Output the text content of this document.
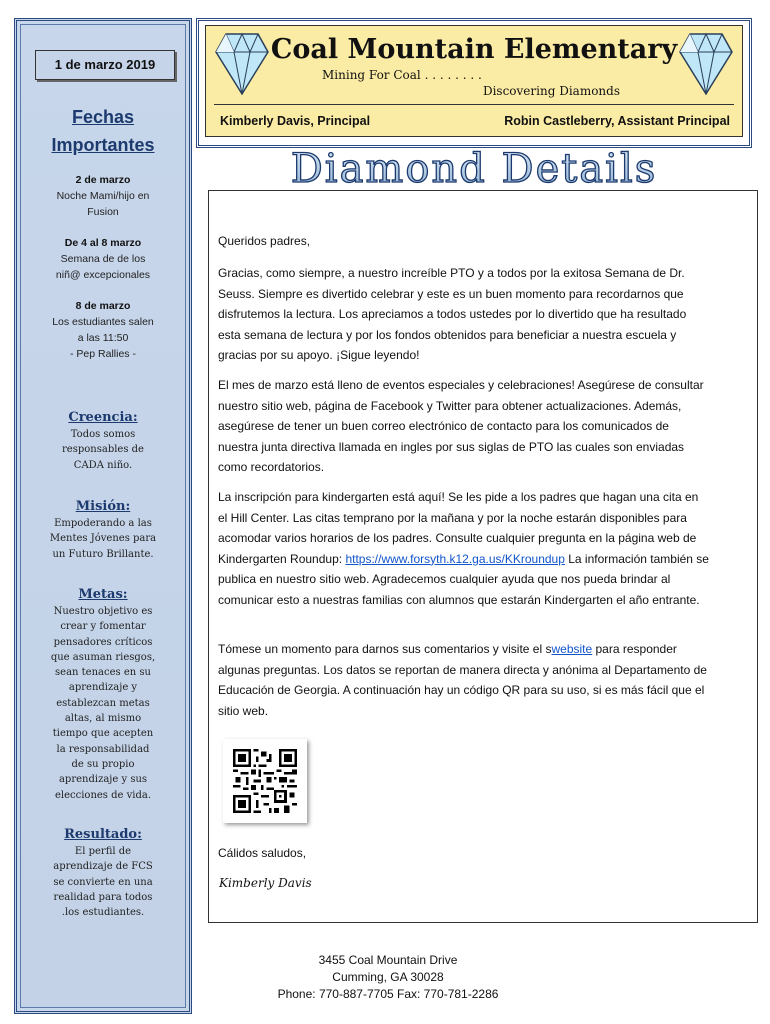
1 de marzo 2019
Fechas
Importantes
2 de marzo
Noche Mami/hijo en
Fusion
De 4 al 8 marzo
Semana de de los
niñ@ excepcionales
8 de marzo
Los estudiantes salen
a las 11:50
- Pep Rallies -
Creencia:
Todos somos
responsables de
CADA niño.
Misión:
Empoderando a las
Mentes Jóvenes para
un Futuro Brillante.
Metas:
Nuestro objetivo es
crear y fomentar
pensadores críticos
que asuman riesgos,
sean tenaces en su
aprendizaje y
establezcan metas
altas, al mismo
tiempo que acepten
la responsabilidad
de su propio
aprendizaje y sus
elecciones de vida.
Resultado:
El perfil de
aprendizaje de FCS
se convierte en una
realidad para todos
.los estudiantes.
Coal Mountain Elementary
Mining For Coal . . . . . . . .
Discovering Diamonds
Kimberly Davis, Principal	Robin Castleberry, Assistant Principal
Diamond Details
Queridos padres,
Gracias, como siempre, a nuestro increíble PTO y a todos por la exitosa Semana de Dr. Seuss. Siempre es divertido celebrar y este es un buen momento para recordarnos que disfrutemos la lectura. Los apreciamos a todos ustedes por lo divertido que ha resultado esta semana de lectura y por los fondos obtenidos para beneficiar a nuestra escuela y gracias por su apoyo. ¡Sigue leyendo!
El mes de marzo está lleno de eventos especiales y celebraciones! Asegúrese de consultar nuestro sitio web, página de Facebook y Twitter para obtener actualizaciones. Además, asegúrese de tener un buen correo electrónico de contacto para los comunicados de nuestra junta directiva llamada en ingles por sus siglas de PTO las cuales son enviadas como recordatorios.
La inscripción para kindergarten está aquí! Se les pide a los padres que hagan una cita en el Hill Center. Las citas temprano por la mañana y por la noche estarán disponibles para acomodar varios horarios de los padres. Consulte cualquier pregunta en la página web de Kindergarten Roundup: https://www.forsyth.k12.ga.us/KKroundup La información también se publica en nuestro sitio web. Agradecemos cualquier ayuda que nos pueda brindar al comunicar esto a nuestras familias con alumnos que estarán Kindergarten el año entrante.
Tómese un momento para darnos sus comentarios y visite el swebsite para responder algunas preguntas. Los datos se reportan de manera directa y anónima al Departamento de Educación de Georgia. A continuación hay un código QR para su uso, si es más fácil que el sitio web.
Cálidos saludos,
Kimberly Davis
3455 Coal Mountain Drive
Cumming, GA 30028
Phone: 770-887-7705 Fax: 770-781-2286
